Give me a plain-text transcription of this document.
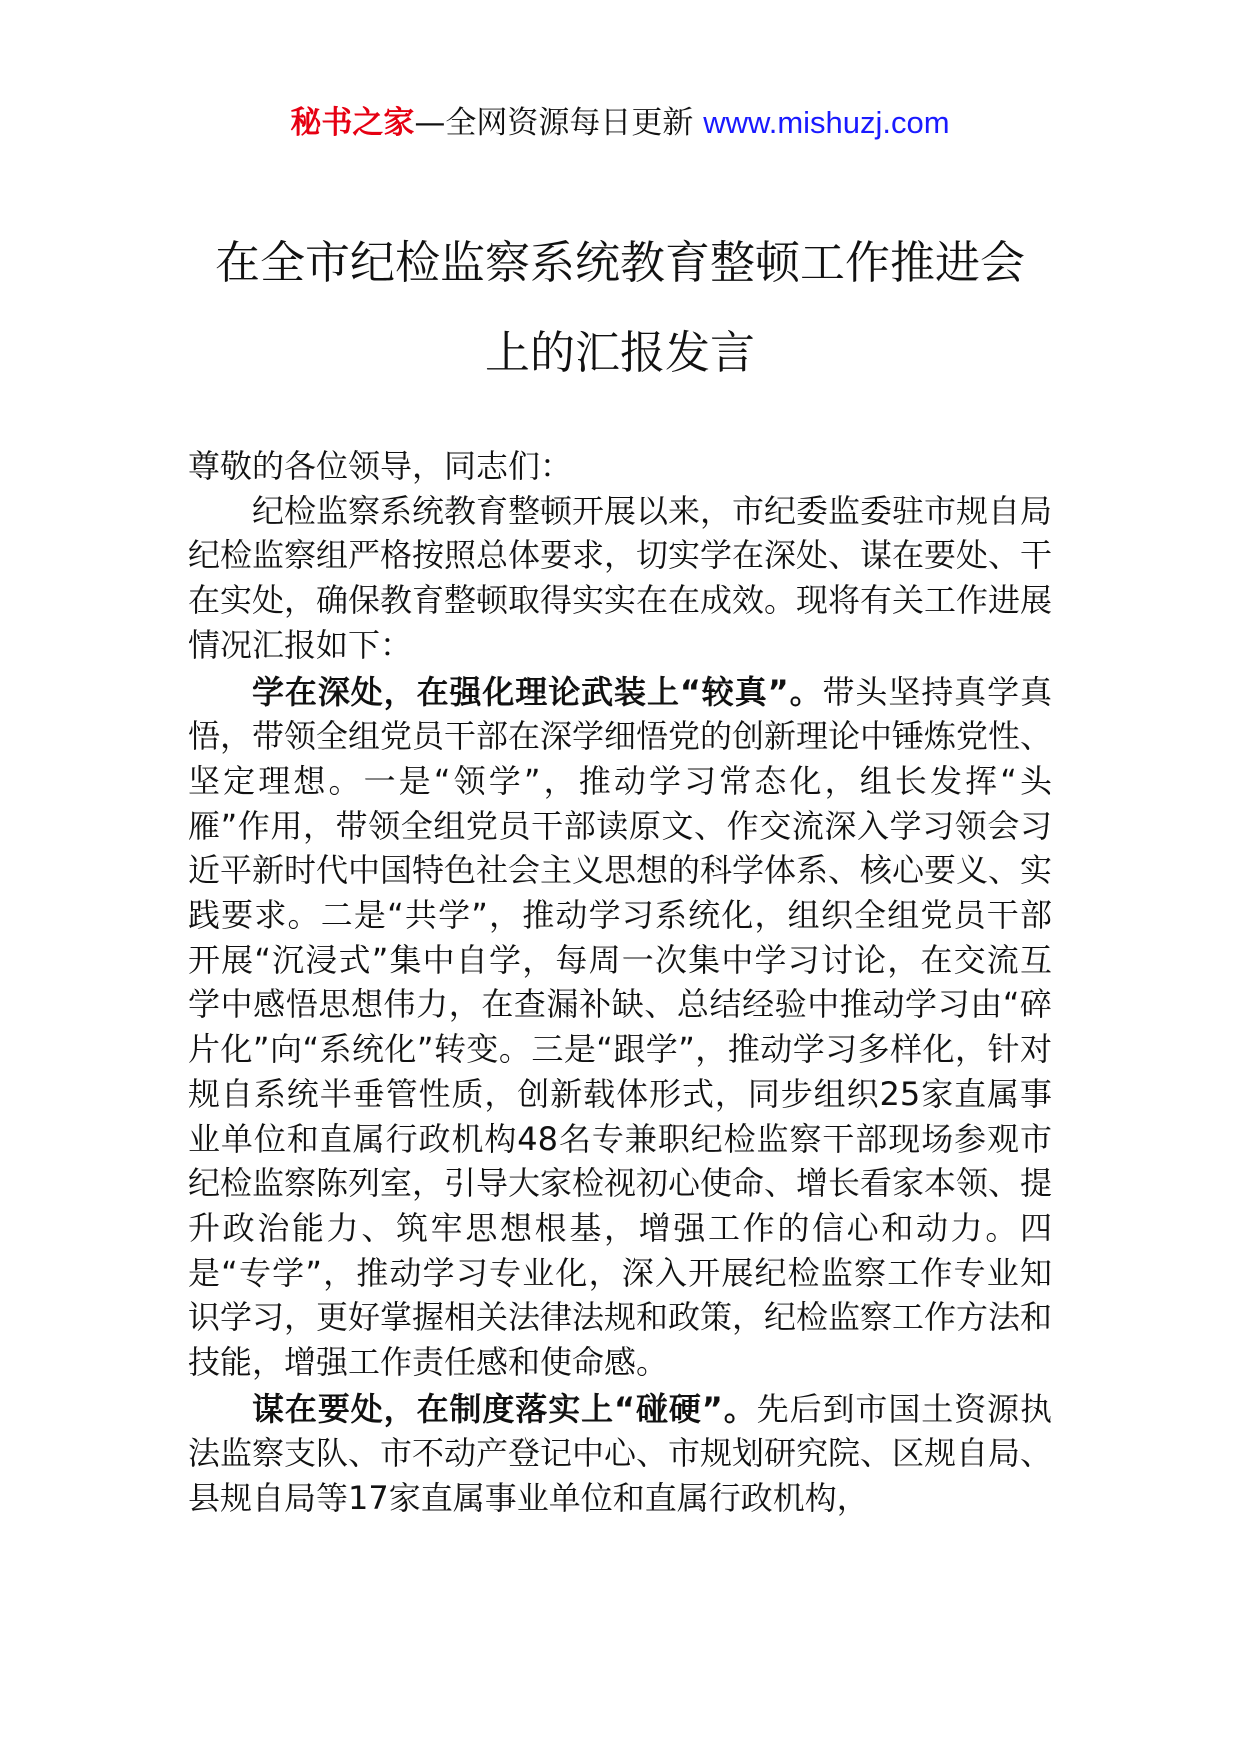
秘书之家—全网资源每日更新 www.mishuzj.com
在全市纪检监察系统教育整顿工作推进会
上的汇报发言

尊敬的各位领导，同志们：

纪检监察系统教育整顿开展以来，市纪委监委驻市规自局纪检监察组严格按照总体要求，切实学在深处、谋在要处、干在实处，确保教育整顿取得实实在在成效。现将有关工作进展情况汇报如下：

学在深处，在强化理论武装上“较真”。带头坚持真学真悟，带领全组党员干部在深学细悟党的创新理论中锤炼党性、坚定理想。一是“领学”，推动学习常态化，组长发挥“头雁”作用，带领全组党员干部读原文、作交流深入学习领会习近平新时代中国特色社会主义思想的科学体系、核心要义、实践要求。二是“共学”，推动学习系统化，组织全组党员干部开展“沉浸式”集中自学，每周一次集中学习讨论，在交流互学中感悟思想伟力，在查漏补缺、总结经验中推动学习由“碎片化”向“系统化”转变。三是“跟学”，推动学习多样化，针对规自系统半垂管性质，创新载体形式，同步组织25家直属事业单位和直属行政机构48名专兼职纪检监察干部现场参观市纪检监察陈列室，引导大家检视初心使命、增长看家本领、提升政治能力、筑牢思想根基，增强工作的信心和动力。四是“专学”，推动学习专业化，深入开展纪检监察工作专业知识学习，更好掌握相关法律法规和政策，纪检监察工作方法和技能，增强工作责任感和使命感。

谋在要处，在制度落实上“碰硬”。先后到市国土资源执法监察支队、市不动产登记中心、市规划研究院、区规自局、县规自局等17家直属事业单位和直属行政机构，
